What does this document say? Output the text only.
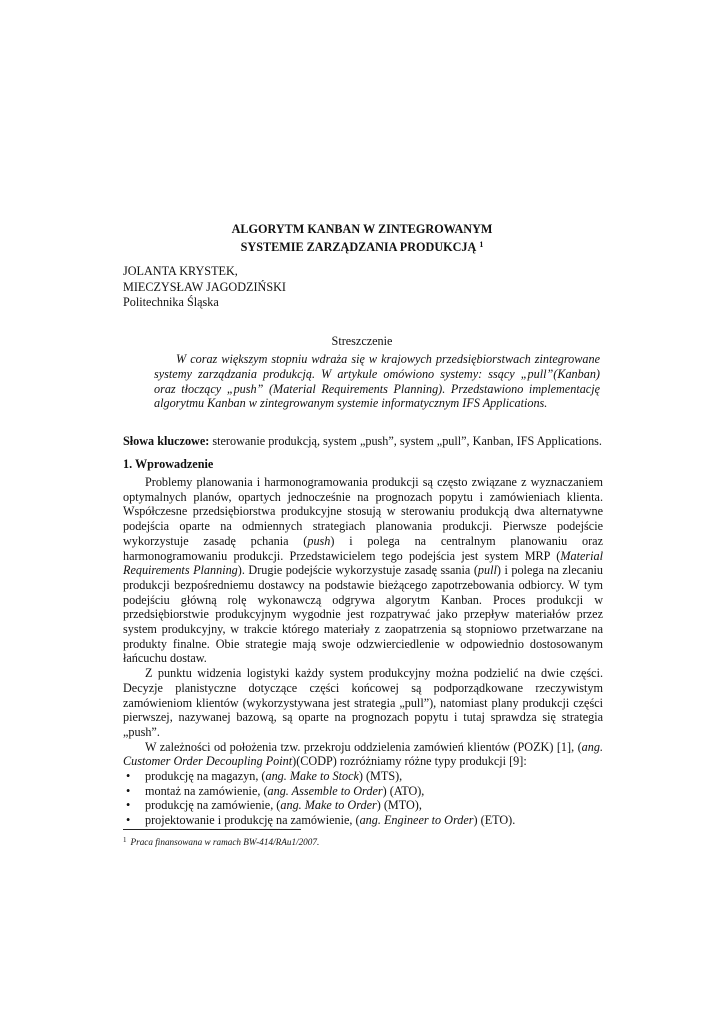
ALGORYTM KANBAN W ZINTEGROWANYM
SYSTEMIE ZARZĄDZANIA PRODUKCJĄ $^1$
JOLANTA KRYSTEK,
MIECZYSŁAW JAGODZIŃSKI
Politechnika Śląska
Streszczenie
W coraz większym stopniu wdraża się w krajowych przedsiębiorstwach zintegrowane systemy zarządzania produkcją. W artykule omówiono systemy: ssący „pull”(Kanban) oraz tłoczący „push” (Material Requirements Planning). Przedstawiono implementację algorytmu Kanban w zintegrowanym systemie informatycznym IFS Applications.
Słowa kluczowe: sterowanie produkcją, system „push”, system „pull”, Kanban, IFS Applications.
1. Wprowadzenie

Problemy planowania i harmonogramowania produkcji są często związane z wyznaczaniem optymalnych planów, opartych jednocześnie na prognozach popytu i zamówieniach klienta. Współczesne przedsiębiorstwa produkcyjne stosują w sterowaniu produkcją dwa alternatywne podejścia oparte na odmiennych strategiach planowania produkcji. Pierwsze podejście wykorzystuje zasadę pchania (push) i polega na centralnym planowaniu oraz harmonogramowaniu produkcji. Przedstawicielem tego podejścia jest system MRP (Material Requirements Planning). Drugie podejście wykorzystuje zasadę ssania (pull) i polega na zlecaniu produkcji bezpośredniemu dostawcy na podstawie bieżącego zapotrzebowania odbiorcy. W tym podejściu główną rolę wykonawczą odgrywa algorytm Kanban. Proces produkcji w przedsiębiorstwie produkcyjnym wygodnie jest rozpatrywać jako przepływ materiałów przez system produkcyjny, w trakcie którego materiały z zaopatrzenia są stopniowo przetwarzane na produkty finalne. Obie strategie mają swoje odzwierciedlenie w odpowiednio dostosowanym łańcuchu dostaw.

Z punktu widzenia logistyki każdy system produkcyjny można podzielić na dwie części. Decyzje planistyczne dotyczące części końcowej są podporządkowane rzeczywistym zamówieniom klientów (wykorzystywana jest strategia „pull”), natomiast plany produkcji części pierwszej, nazywanej bazową, są oparte na prognozach popytu i tutaj sprawdza się strategia „push”.

W zależności od położenia tzw. przekroju oddzielenia zamówień klientów (POZK) [1], (ang. Customer Order Decoupling Point)(CODP) rozróżniamy różne typy produkcji [9]:

• produkcję na magazyn, (ang. Make to Stock) (MTS),
• montaż na zamówienie, (ang. Assemble to Order) (ATO),
• produkcję na zamówienie, (ang. Make to Order) (MTO),
• projektowanie i produkcję na zamówienie, (ang. Engineer to Order) (ETO).
$^1$ Praca finansowana w ramach BW-414/RAu1/2007.
